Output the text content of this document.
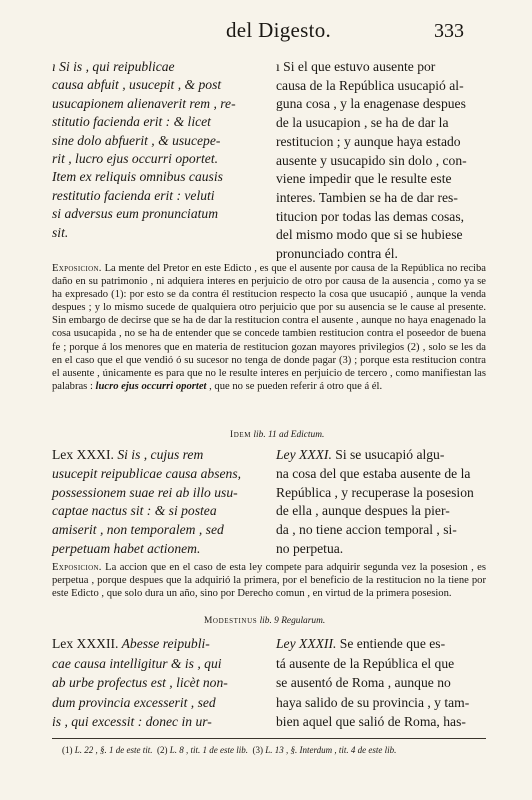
del Digesto.	333

ı Si is , qui reipublicae

causa abfuit , usucepit , & post

usucapionem alienaverit rem , re-

stitutio facienda erit : & licet

sine dolo abfuerit , & usucepe-

rit , lucro ejus occurri oportet.

Item ex reliquis omnibus causis

restitutio facienda erit : veluti

si adversus eum pronunciatum

sit.

ı Si el que estuvo ausente por

causa de la República usucapió al-

guna cosa , y la enagenase despues

de la usucapion , se ha de dar la

restitucion ; y aunque haya estado

ausente y usucapido sin dolo , con-

viene impedir que le resulte este

interes. Tambien se ha de dar res-

titucion por todas las demas cosas,

del mismo modo que si se hubiese

pronunciado contra él.

Exposicion. La mente del Pretor en este Edicto , es que el ausente por causa de la República no reciba daño en su patrimonio , ni adquiera interes en perjuicio de otro por causa de la ausencia , como ya se ha expresado (1): por esto se da contra él restitucion respecto la cosa que usucapió , aunque la venda despues ; y lo mismo sucede de qualquiera otro perjuicio que por su ausencia se le cause al presente. Sin embargo de decirse que se ha de dar la restitucion contra el ausente , aunque no haya enagenado la cosa usucapida , no se ha de entender que se concede tambien restitucion contra el poseedor de buena fe ; porque á los menores que en materia de restitucion gozan mayores privilegios (2) , solo se les da en el caso que el que vendió ó su sucesor no tenga de donde pagar (3) ; porque esta restitucion contra el ausente , únicamente es para que no le resulte interes en perjuicio de tercero , como manifiestan las palabras : lucro ejus occurri oportet , que no se pueden referir á otro que á él.
Idem lib. 11 ad Edictum.

Lex XXXI. Si is , cujus rem

usucepit reipublicae causa absens,

possessionem suae rei ab illo usu-

captae nactus sit : & si postea

amiserit , non temporalem , sed

perpetuam habet actionem.

Ley XXXI. Si se usucapió algu-

na cosa del que estaba ausente de la

República , y recuperase la posesion

de ella , aunque despues la pier-

da , no tiene accion temporal , si-

no perpetua.

Exposicion. La accion que en el caso de esta ley compete para adquirir segunda vez la posesion , es perpetua , porque despues que la adquirió la primera, por el beneficio de la restitucion no la tiene por este Edicto , que solo dura un año, sino por Derecho comun , en virtud de la primera posesion.
Modestinus lib. 9 Regularum.

Lex XXXII. Abesse reipubli-

cae causa intelligitur & is , qui

ab urbe profectus est , licèt non-

dum provincia excesserit , sed

is , qui excessit : donec in ur-

Ley XXXII. Se entiende que es-

tá ausente de la República el que

se ausentó de Roma , aunque no

haya salido de su provincia , y tam-

bien aquel que salió de Roma, has-

(1) L. 22 , §. 1 de este tit. (2) L. 8 , tit. 1 de este lib. (3) L. 13 , §. Interdum , tit. 4 de este lib.
